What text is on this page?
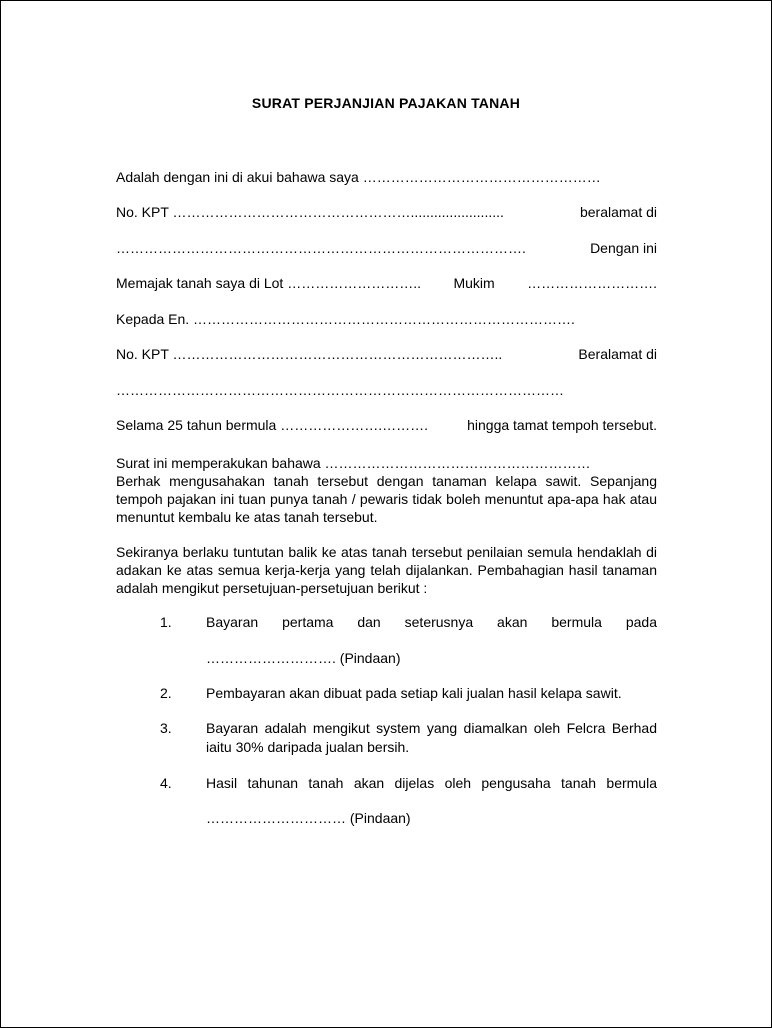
SURAT PERJANJIAN PAJAKAN TANAH
Adalah dengan ini di akui bahawa saya ……………………………………………
No. KPT ……………………………………………........................	beralamat di
…………………………………………………………………………….	Dengan ini
Memajak tanah saya di Lot ……………………….. Mukim ……………………….
Kepada En. ……………………………………………………………………….
No. KPT ……………………………………………………………..	Beralamat di
……………………………………………………………………………………
Selama 25 tahun bermula ………………….……….	hingga tamat tempoh tersebut.
Surat ini memperakukan bahawa …………………………………………………
Berhak mengusahakan tanah tersebut dengan tanaman kelapa sawit. Sepanjang tempoh pajakan ini tuan punya tanah / pewaris tidak boleh menuntut apa-apa hak atau menuntut kembalu ke atas tanah tersebut.
Sekiranya berlaku tuntutan balik ke atas tanah tersebut penilaian semula hendaklah di adakan ke atas semua kerja-kerja yang telah dijalankan. Pembahagian hasil tanaman adalah mengikut persetujuan-persetujuan berikut :
1.	Bayaran pertama dan seterusnya akan bermula pada
………………………. (Pindaan)
2.	Pembayaran akan dibuat pada setiap kali jualan hasil kelapa sawit.
3.	Bayaran adalah mengikut system yang diamalkan oleh Felcra Berhad iaitu 30% daripada jualan bersih.
4.	Hasil tahunan tanah akan dijelas oleh pengusaha tanah bermula
………………………… (Pindaan)
